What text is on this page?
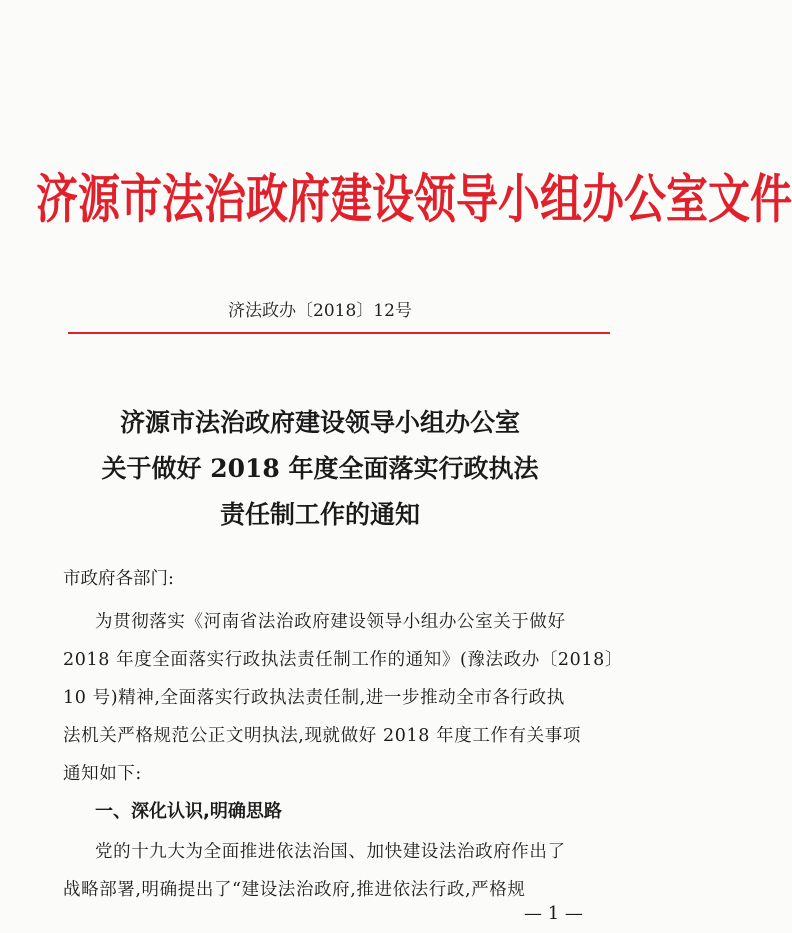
济源市法治政府建设领导小组办公室文件
济法政办〔2018〕12号
济源市法治政府建设领导小组办公室
关于做好 2018 年度全面落实行政执法
责任制工作的通知
市政府各部门:
为贯彻落实《河南省法治政府建设领导小组办公室关于做好
2018 年度全面落实行政执法责任制工作的通知》(豫法政办〔2018〕
10 号)精神,全面落实行政执法责任制,进一步推动全市各行政执
法机关严格规范公正文明执法,现就做好 2018 年度工作有关事项
通知如下:
一、深化认识,明确思路
党的十九大为全面推进依法治国、加快建设法治政府作出了
战略部署,明确提出了“建设法治政府,推进依法行政,严格规
— 1 —
